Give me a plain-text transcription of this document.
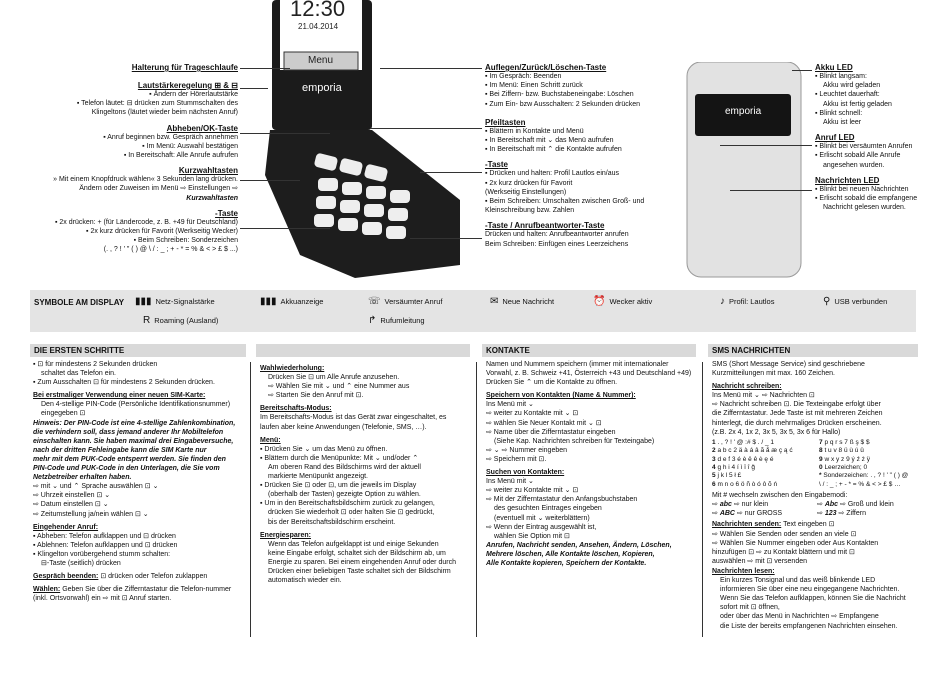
12:30
21.04.2014
Menu
emporia
emporia
Halterung für Trageschlaufe
Lautstärkeregelung ⊞ & ⊟
▪ Ändern der Hörerlautstärke
▪ Telefon läutet: ⊟ drücken zum Stummschalten des
Klingeltons (läutet wieder beim nächsten Anruf)
Abheben/OK-Taste
▪ Anruf beginnen bzw. Gespräch annehmen
▪ Im Menü: Auswahl bestätigen
▪ In Bereitschaft: Alle Anrufe aufrufen
Kurzwahltasten
» Mit einem Knopfdruck wählen« 3 Sekunden lang drücken.
Ändern oder Zuweisen im Menü ⇨ Einstellungen ⇨
Kurzwahltasten
-Taste
▪ 2x drücken: + (für Ländercode, z. B. +49 für Deutschland)
▪ 2x kurz drücken für Favorit (Werkseitig Wecker)
▪ Beim Schreiben: Sonderzeichen
(. , ? ! ' " ( ) @ \ / : _ ; + - * = % & < > £ $ ...)
Auflegen/Zurück/Löschen-Taste
▪ Im Gespräch: Beenden
▪ Im Menü: Einen Schritt zurück
▪ Bei Ziffern- bzw. Buchstabeneingabe: Löschen
▪ Zum Ein- bzw Ausschalten: 2 Sekunden drücken
Pfeiltasten
▪ Blättern in Kontakte und Menü
▪ In Bereitschaft mit ⌄ das Menü aufrufen
▪ In Bereitschaft mit ⌃ die Kontakte aufrufen
-Taste
▪ Drücken und halten: Profil Lautlos ein/aus
▪ 2x kurz drücken für Favorit
(Werkseitig Einstellungen)
▪ Beim Schreiben: Umschalten zwischen Groß- und
Kleinschreibung bzw. Zahlen
-Taste / Anrufbeantworter-Taste
Drücken und halten: Anrufbeantworter anrufen
Beim Schreiben: Einfügen eines Leerzeichens
Akku LED
▪ Blinkt langsam:
Akku wird geladen
▪ Leuchtet dauerhaft:
Akku ist fertig geladen
▪ Blinkt schnell:
Akku ist leer
Anruf LED
▪ Blinkt bei versäumten Anrufen
▪ Erlischt sobald Alle Anrufe
angesehen wurden.
Nachrichten LED
▪ Blinkt bei neuen Nachrichten
▪ Erlischt sobald die empfangene
Nachricht gelesen wurden.
SYMBOLE AM DISPLAY ▮▮▮ Netz-Signalstärke	▮▮▮ Akkuanzeige	☏ Versäumter Anruf	✉ Neue Nachricht	⏰ Wecker aktiv	♪ Profil: Lautlos	⚲ USB verbunden
R Roaming (Ausland)	↱ Rufumleitung
DIE ERSTEN SCHRITTE	KONTAKTE	SMS NACHRICHTEN

▪ ⊡ für mindestens 2 Sekunden drücken

schaltet das Telefon ein.

▪ Zum Ausschalten ⊡ für mindestens 2 Sekunden drücken.

Bei erstmaliger Verwendung einer neuen SIM-Karte:

Den 4-stellige PIN-Code (Persönliche Identifikationsnummer)

eingegeben ⊡

Hinweis: Der PIN-Code ist eine 4-stellige Zahlenkombination,

die verhindern soll, dass jemand anderer Ihr Mobiltelefon

einschalten kann. Sie haben maximal drei Eingabeversuche,

nach der dritten Fehleingabe kann die SIM Karte nur

mehr mit dem PUK-Code entsperrt werden. Sie finden den

PIN-Code und PUK-Code in den Unterlagen, die Sie vom

Netzbetreiber erhalten haben.

⇨ mit ⌄ und ⌃ Sprache auswählen ⊡ ⌄

⇨ Uhrzeit einstellen ⊡ ⌄

⇨ Datum einstellen ⊡ ⌄

⇨ Zeitumstellung ja/nein wählen ⊡ ⌄

Eingehender Anruf:

▪ Abheben: Telefon aufklappen und ⊡ drücken

▪ Ablehnen: Telefon aufklappen und ⊡ drücken

▪ Klingelton vorübergehend stumm schalten:

⊟-Taste (seitlich) drücken

Gespräch beenden: ⊡ drücken oder Telefon zuklappen

Wählen: Geben Sie über die Zifferntastatur die Telefon-nummer (inkl. Ortsvorwahl) ein ⇨ mit ⊡ Anruf starten.

Wahlwiederholung:

Drücken Sie ⊡ um Alle Anrufe anzusehen.

⇨ Wählen Sie mit ⌄ und ⌃ eine Nummer aus

⇨ Starten Sie den Anruf mit ⊡.

Bereitschafts-Modus:

Im Bereitschafts-Modus ist das Gerät zwar eingeschaltet, es

laufen aber keine Anwendungen (Telefonie, SMS, …).

Menü:

▪ Drücken Sie ⌄ um das Menü zu öffnen.

▪ Blättern durch die Menüpunkte: Mit ⌄ und/oder ⌃

Am oberen Rand des Bildschirms wird der aktuell

markierte Menüpunkt angezeigt.

▪ Drücken Sie ⊡ oder ⊡, um die jeweils im Display

(oberhalb der Tasten) gezeigte Option zu wählen.

▪ Um in den Bereitschaftsbildschirm zurück zu gelangen,

drücken Sie wiederholt ⊡ oder halten Sie ⊡ gedrückt,

bis der Bereitschaftsbildschirm erscheint.

Energiesparen:

Wenn das Telefon aufgeklappt ist und einige Sekunden

keine Eingabe erfolgt, schaltet sich der Bildschirm ab, um

Energie zu sparen. Bei einem eingehenden Anruf oder durch

Drücken einer beliebigen Taste schaltet sich der Bildschirm

automatisch wieder ein.

Namen und Nummern speichern (immer mit internationaler

Vorwahl, z. B. Schweiz +41, Österreich +43 und Deutschland +49)

Drücken Sie ⌃ um die Kontakte zu öffnen.

Speichern von Kontakten (Name & Nummer):

Ins Menü mit ⌄

⇨ weiter zu Kontakte mit ⌄ ⊡

⇨ wählen Sie Neuer Kontakt mit ⌄ ⊡

⇨ Name über die Zifferntastatur eingeben

(Siehe Kap. Nachrichten schreiben für Texteingabe)

⇨ ⌄ ⇨ Nummer eingeben

⇨ Speichern mit ⊡.

Suchen von Kontakten:

Ins Menü mit ⌄

⇨ weiter zu Kontakte mit ⌄ ⊡

⇨ Mit der Zifferntastatur den Anfangsbuchstaben

des gesuchten Eintrages eingeben

(eventuell mit ⌄ weiterblättern)

⇨ Wenn der Eintrag ausgewählt ist,

wählen Sie Option mit ⊡

Anrufen, Nachricht senden, Ansehen, Ändern, Löschen,

Mehrere löschen, Alle Kontakte löschen, Kopieren,

Alle Kontakte kopieren, Speichern der Kontakte.

SMS (Short Message Service) sind geschriebene

Kurzmitteilungen mit max. 160 Zeichen.

Nachricht schreiben:

Ins Menü mit ⌄ ⇨ Nachrichten ⊡

⇨ Nachricht schreiben ⊡. Die Texteingabe erfolgt über

die Zifferntastatur. Jede Taste ist mit mehreren Zeichen

hinterlegt, die durch mehrmaliges Drücken erscheinen.

(z.B. 2x 4, 1x 2, 3x 5, 3x 5, 3x 6 für Hallo)

1 . , ? ! ' @ :# $ . / _ 1	7 p q r s 7 ß ş $ $
2 a b c 2 ä à á â ã å æ ç ą ć	8 t u v 8 ü ù ú û
3 d e f 3 é è ë ê ė ę é	9 w x y z 9 ý ź ż ÿ
4 g h i 4 í ì ï î ğ	0 Leerzeichen; 0
5 j k l 5 ł £	* Sonderzeichen: . , ? ! ' " ( ) @
6 m n o 6 ö ñ ò ó ô õ ń	\ / : _ ; + - * = % & < > £ $ …

Mit # wechseln zwischen den Eingabemodi:

⇨ abc ⇨ nur klein	⇨ Abc ⇨ Groß und klein
⇨ ABC ⇨ nur GROSS	⇨ 123 ⇨ Ziffern

Nachrichten senden: Text eingeben ⊡

⇨ Wählen Sie Senden oder senden an viele ⊡

⇨ Wählen Sie Nummer eingeben oder Aus Kontakten

hinzufügen ⊡ ⇨ zu Kontakt blättern und mit ⊡

auswählen ⇨ mit ⊡ versenden

Nachrichten lesen:

Ein kurzes Tonsignal und das weiß blinkende LED

informieren Sie über eine neu eingegangene Nachrichten.

Wenn Sie das Telefon aufklappen, können Sie die Nachricht

sofort mit ⊡ öffnen,

oder über das Menü in Nachrichten ⇨ Empfangene

die Liste der bereits empfangenen Nachrichten einsehen.
